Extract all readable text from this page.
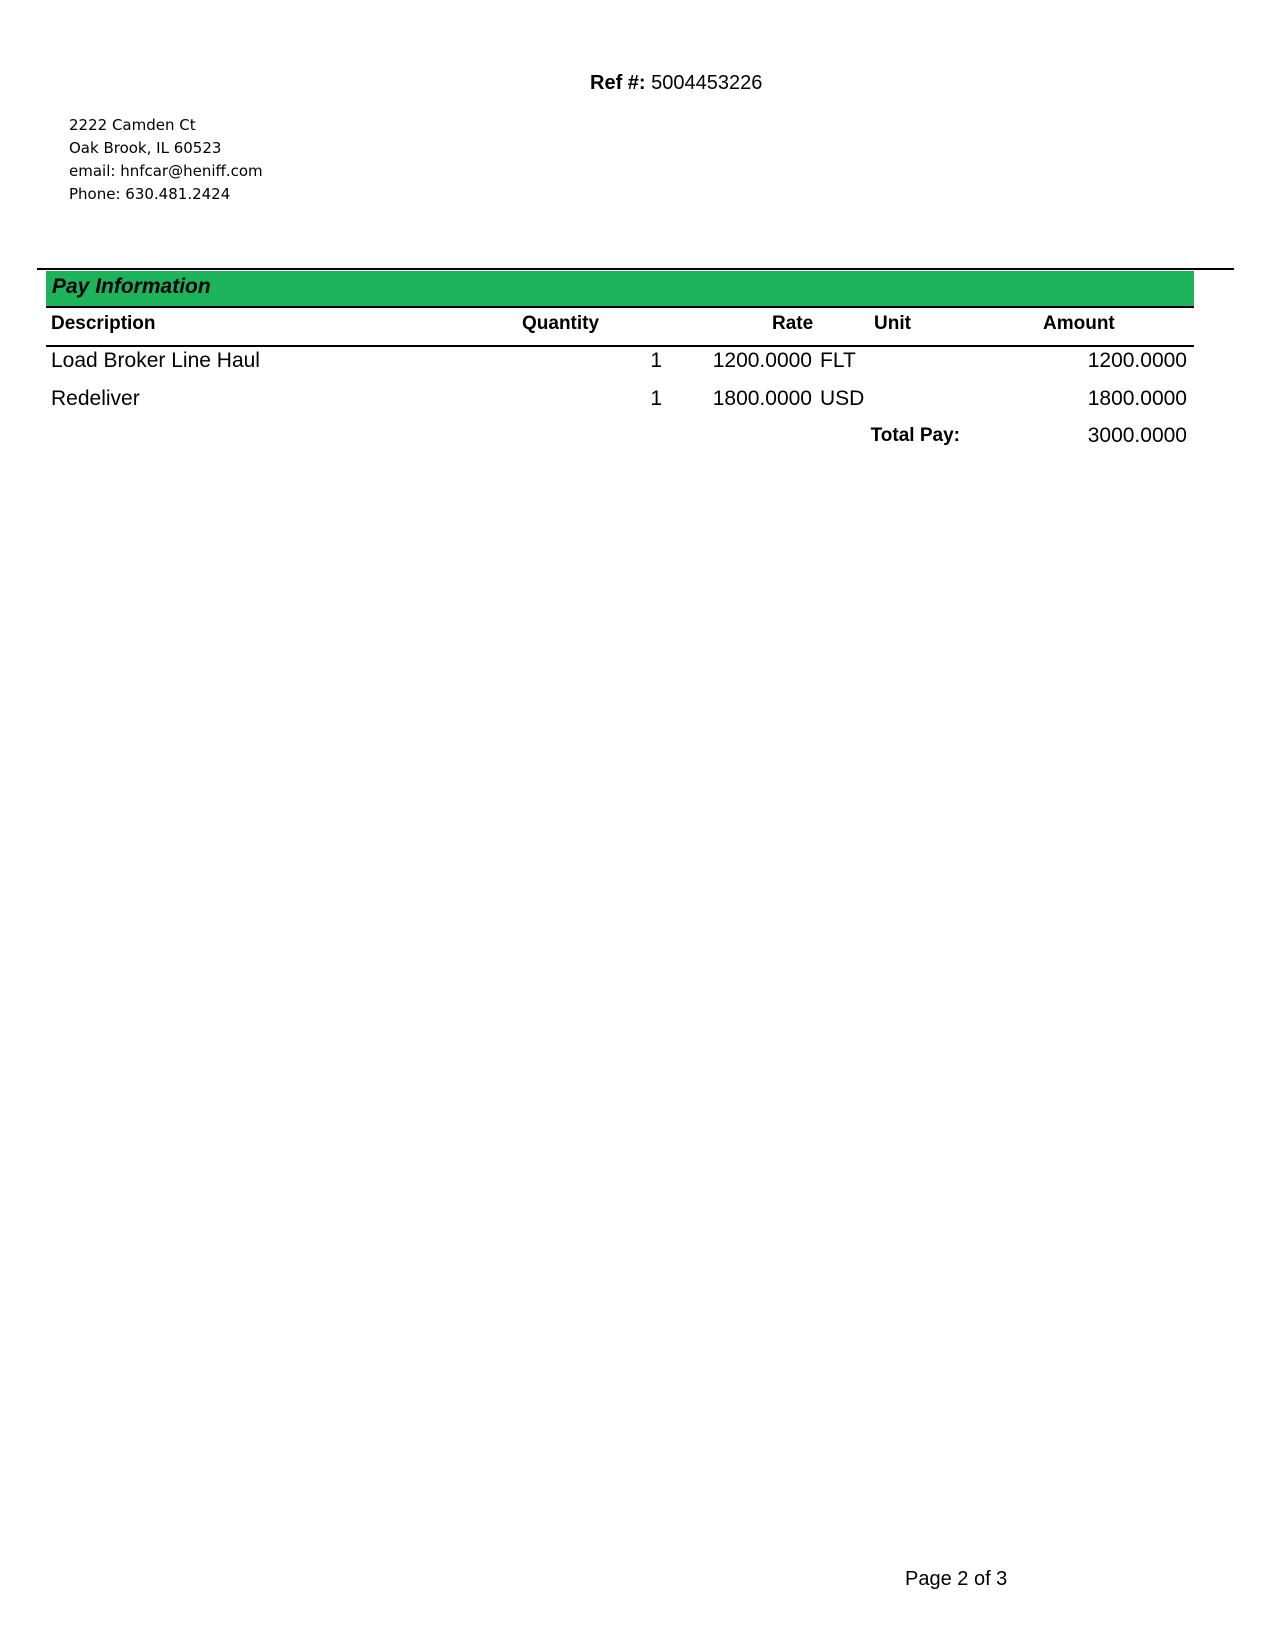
Ref #: 5004453226
2222 Camden Ct
Oak Brook, IL 60523
email: hnfcar@heniff.com
Phone: 630.481.2424
Pay Information
Description	Quantity	Rate	Unit	Amount
Load Broker Line Haul	1	1200.0000 FLT	1200.0000
Redeliver	1	1800.0000 USD	1800.0000
Total Pay:	3000.0000
Page 2 of 3
